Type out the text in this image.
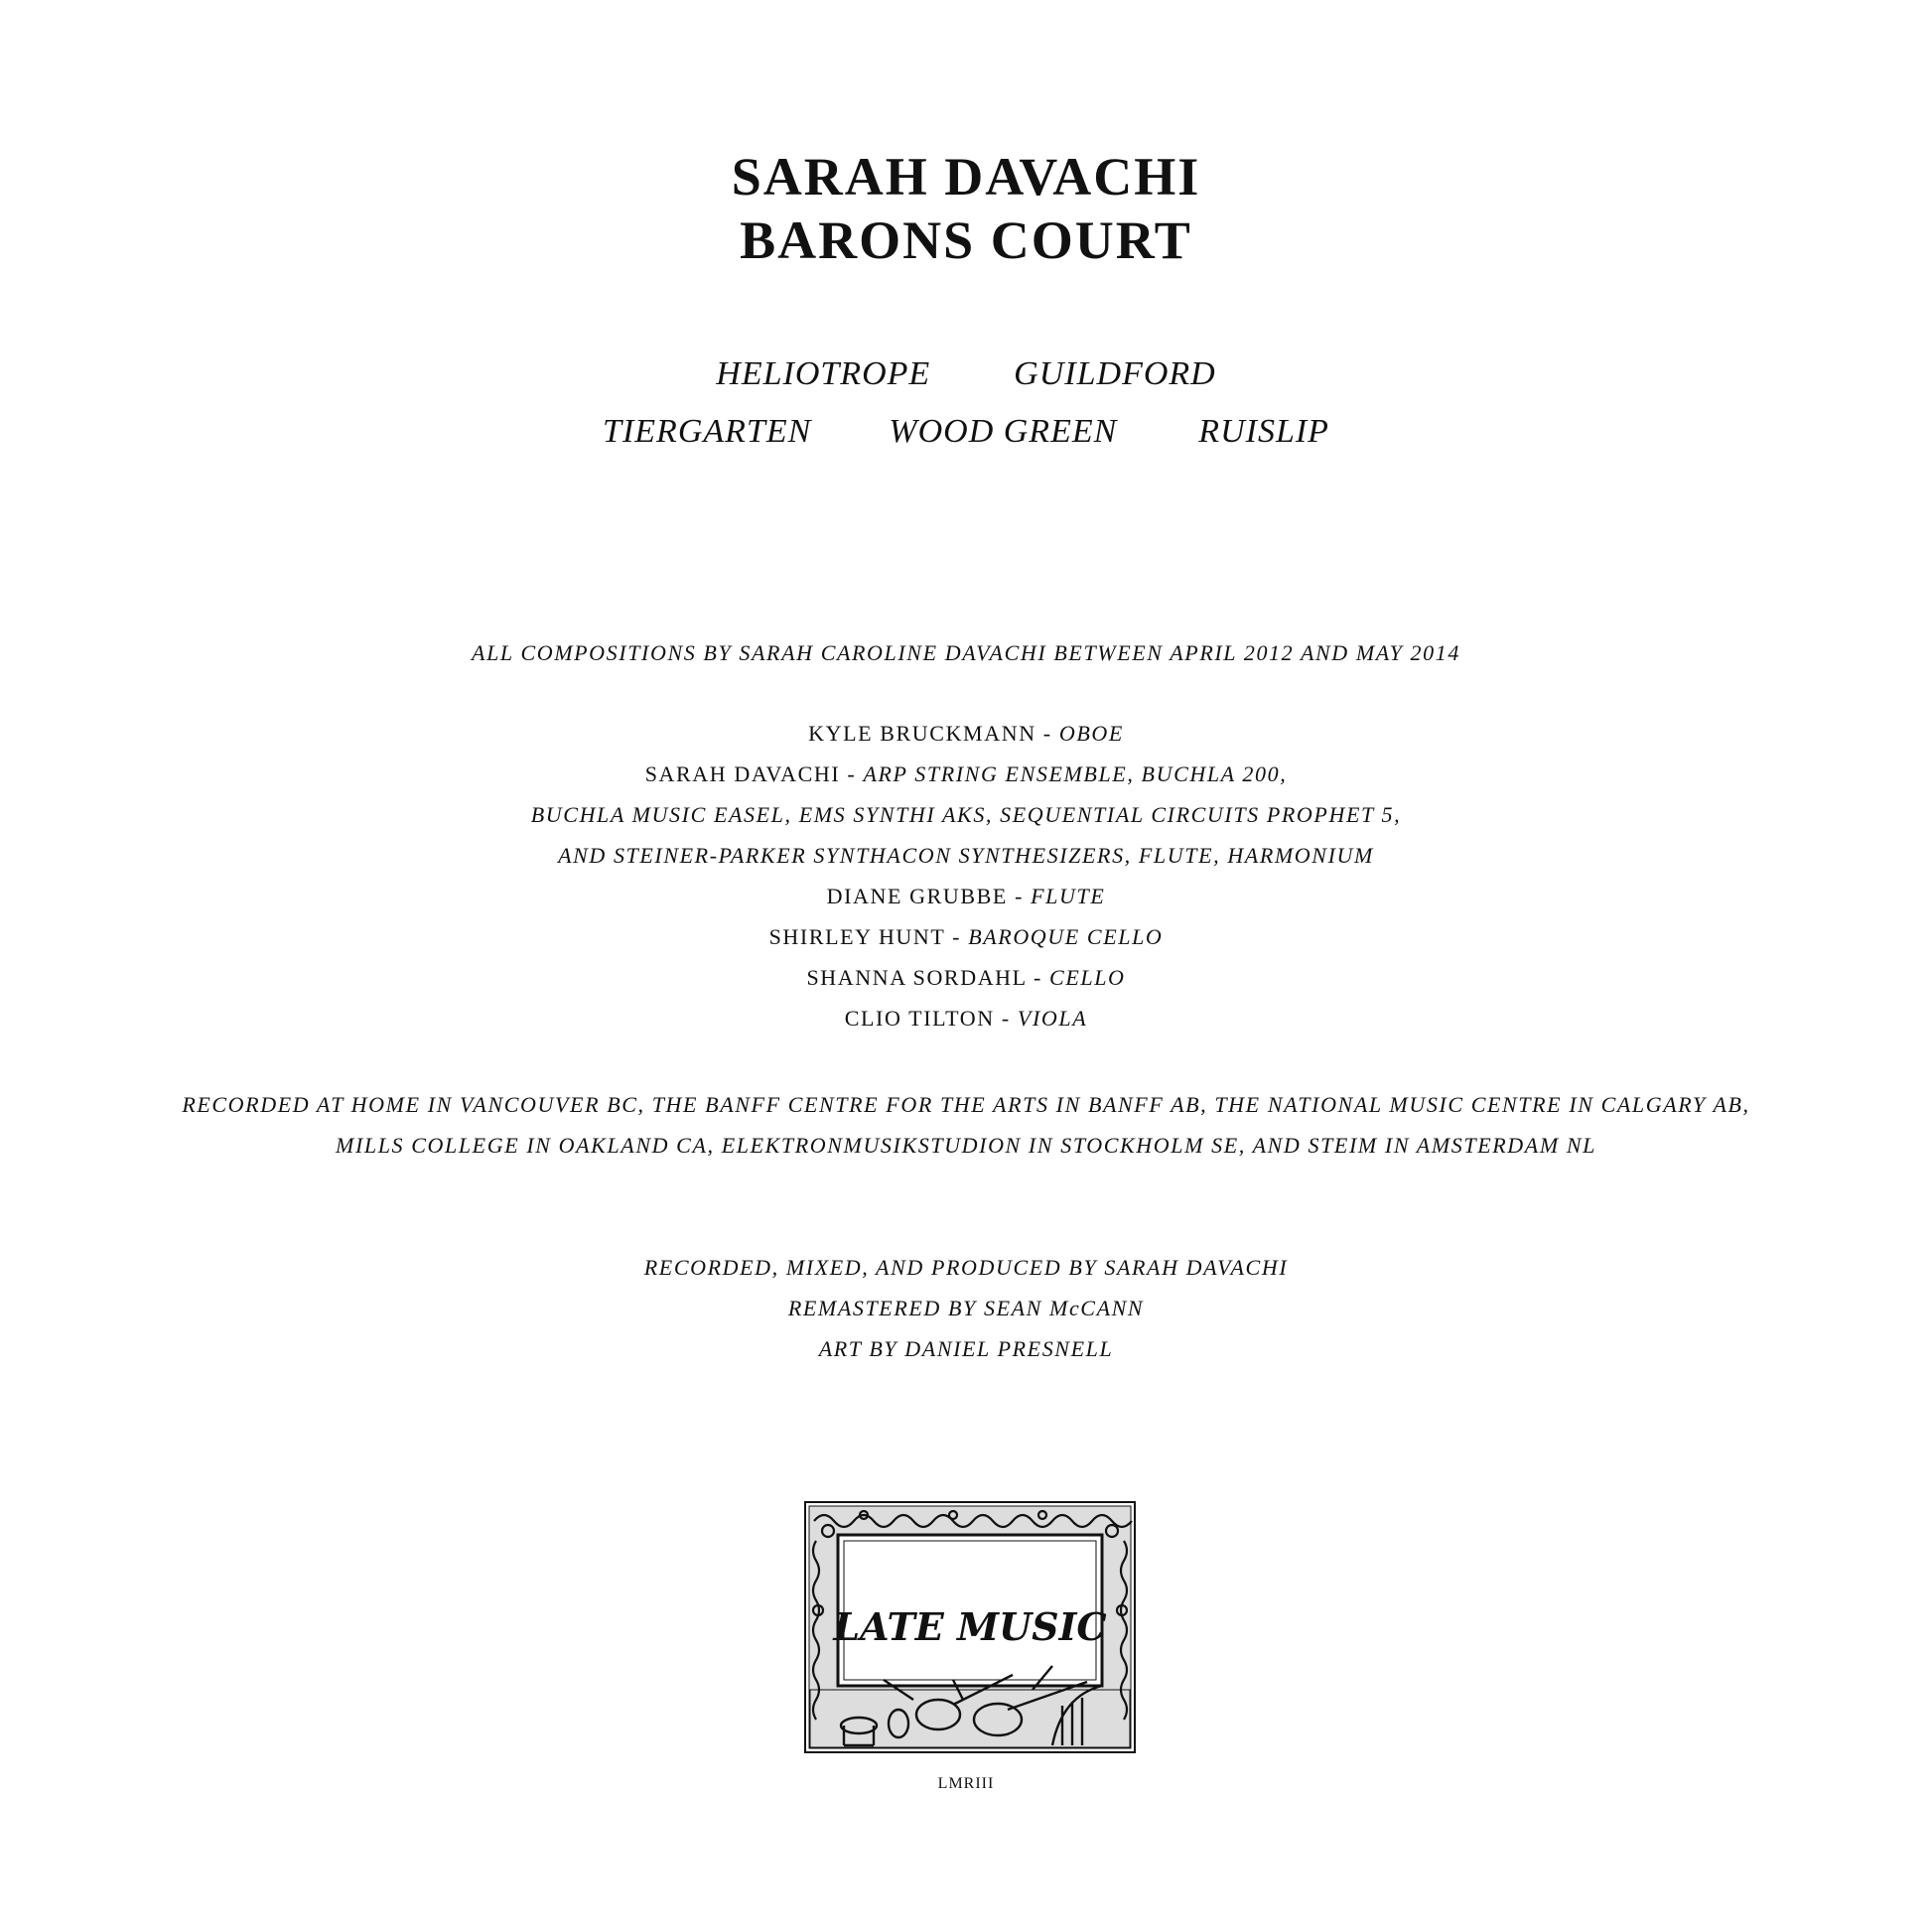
SARAH DAVACHI
BARONS COURT
HELIOTROPE GUILDFORD
TIERGARTEN WOOD GREEN RUISLIP
ALL COMPOSITIONS BY SARAH CAROLINE DAVACHI BETWEEN APRIL 2012 AND MAY 2014
KYLE BRUCKMANN - OBOE
SARAH DAVACHI - ARP STRING ENSEMBLE, BUCHLA 200,
BUCHLA MUSIC EASEL, EMS SYNTHI AKS, SEQUENTIAL CIRCUITS PROPHET 5,
AND STEINER-PARKER SYNTHACON SYNTHESIZERS, FLUTE, HARMONIUM
DIANE GRUBBE - FLUTE
SHIRLEY HUNT - BAROQUE CELLO
SHANNA SORDAHL - CELLO
CLIO TILTON - VIOLA
RECORDED AT HOME IN VANCOUVER BC, THE BANFF CENTRE FOR THE ARTS IN BANFF AB, THE NATIONAL MUSIC CENTRE IN CALGARY AB,
MILLS COLLEGE IN OAKLAND CA, ELEKTRONMUSIKSTUDION IN STOCKHOLM SE, AND STEIM IN AMSTERDAM NL
RECORDED, MIXED, AND PRODUCED BY SARAH DAVACHI
REMASTERED BY SEAN McCANN
ART BY DANIEL PRESNELL
LATE MUSIC
LMRIII
